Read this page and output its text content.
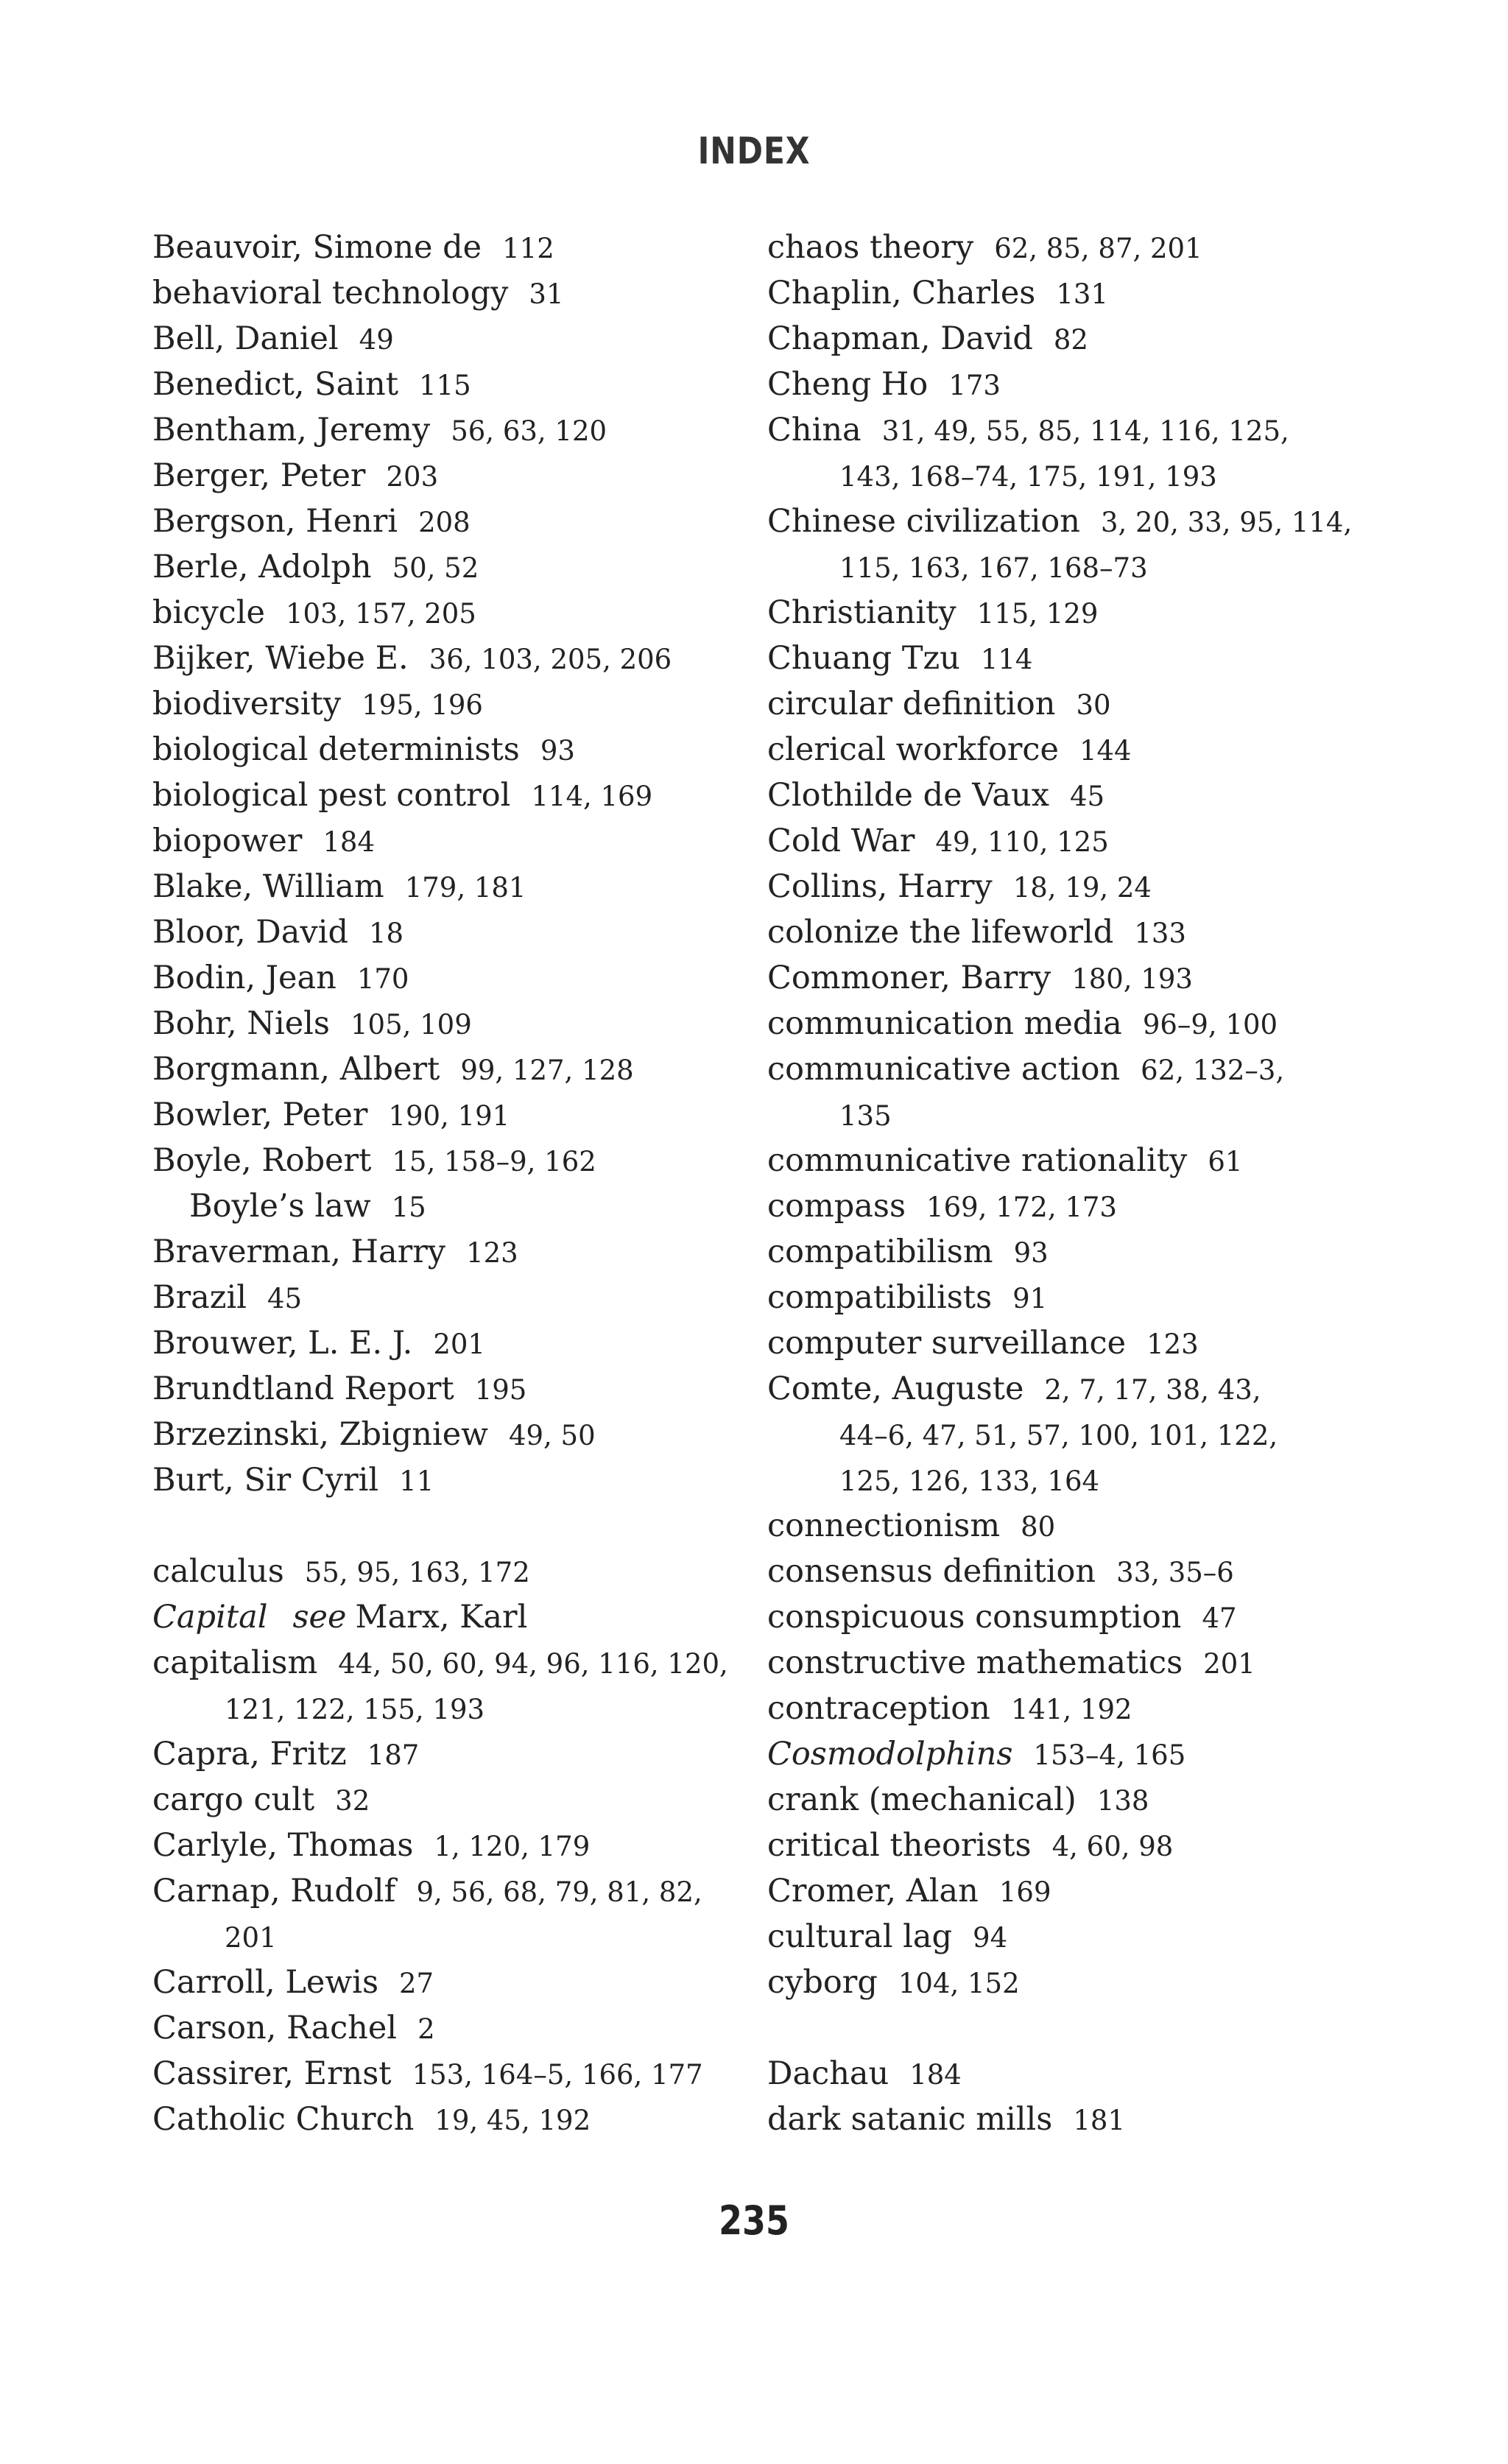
INDEX
Beauvoir, Simone de 112
behavioral technology 31
Bell, Daniel 49
Benedict, Saint 115
Bentham, Jeremy 56, 63, 120
Berger, Peter 203
Bergson, Henri 208
Berle, Adolph 50, 52
bicycle 103, 157, 205
Bijker, Wiebe E. 36, 103, 205, 206
biodiversity 195, 196
biological determinists 93
biological pest control 114, 169
biopower 184
Blake, William 179, 181
Bloor, David 18
Bodin, Jean 170
Bohr, Niels 105, 109
Borgmann, Albert 99, 127, 128
Bowler, Peter 190, 191
Boyle, Robert 15, 158–9, 162
Boyle’s law 15
Braverman, Harry 123
Brazil 45
Brouwer, L. E. J. 201
Brundtland Report 195
Brzezinski, Zbigniew 49, 50
Burt, Sir Cyril 11
calculus 55, 95, 163, 172
Capital see Marx, Karl
capitalism 44, 50, 60, 94, 96, 116, 120,
121, 122, 155, 193
Capra, Fritz 187
cargo cult 32
Carlyle, Thomas 1, 120, 179
Carnap, Rudolf 9, 56, 68, 79, 81, 82,
201
Carroll, Lewis 27
Carson, Rachel 2
Cassirer, Ernst 153, 164–5, 166, 177
Catholic Church 19, 45, 192
chaos theory 62, 85, 87, 201
Chaplin, Charles 131
Chapman, David 82
Cheng Ho 173
China 31, 49, 55, 85, 114, 116, 125,
143, 168–74, 175, 191, 193
Chinese civilization 3, 20, 33, 95, 114,
115, 163, 167, 168–73
Christianity 115, 129
Chuang Tzu 114
circular definition 30
clerical workforce 144
Clothilde de Vaux 45
Cold War 49, 110, 125
Collins, Harry 18, 19, 24
colonize the lifeworld 133
Commoner, Barry 180, 193
communication media 96–9, 100
communicative action 62, 132–3,
135
communicative rationality 61
compass 169, 172, 173
compatibilism 93
compatibilists 91
computer surveillance 123
Comte, Auguste 2, 7, 17, 38, 43,
44–6, 47, 51, 57, 100, 101, 122,
125, 126, 133, 164
connectionism 80
consensus definition 33, 35–6
conspicuous consumption 47
constructive mathematics 201
contraception 141, 192
Cosmodolphins 153–4, 165
crank (mechanical) 138
critical theorists 4, 60, 98
Cromer, Alan 169
cultural lag 94
cyborg 104, 152
Dachau 184
dark satanic mills 181
235
